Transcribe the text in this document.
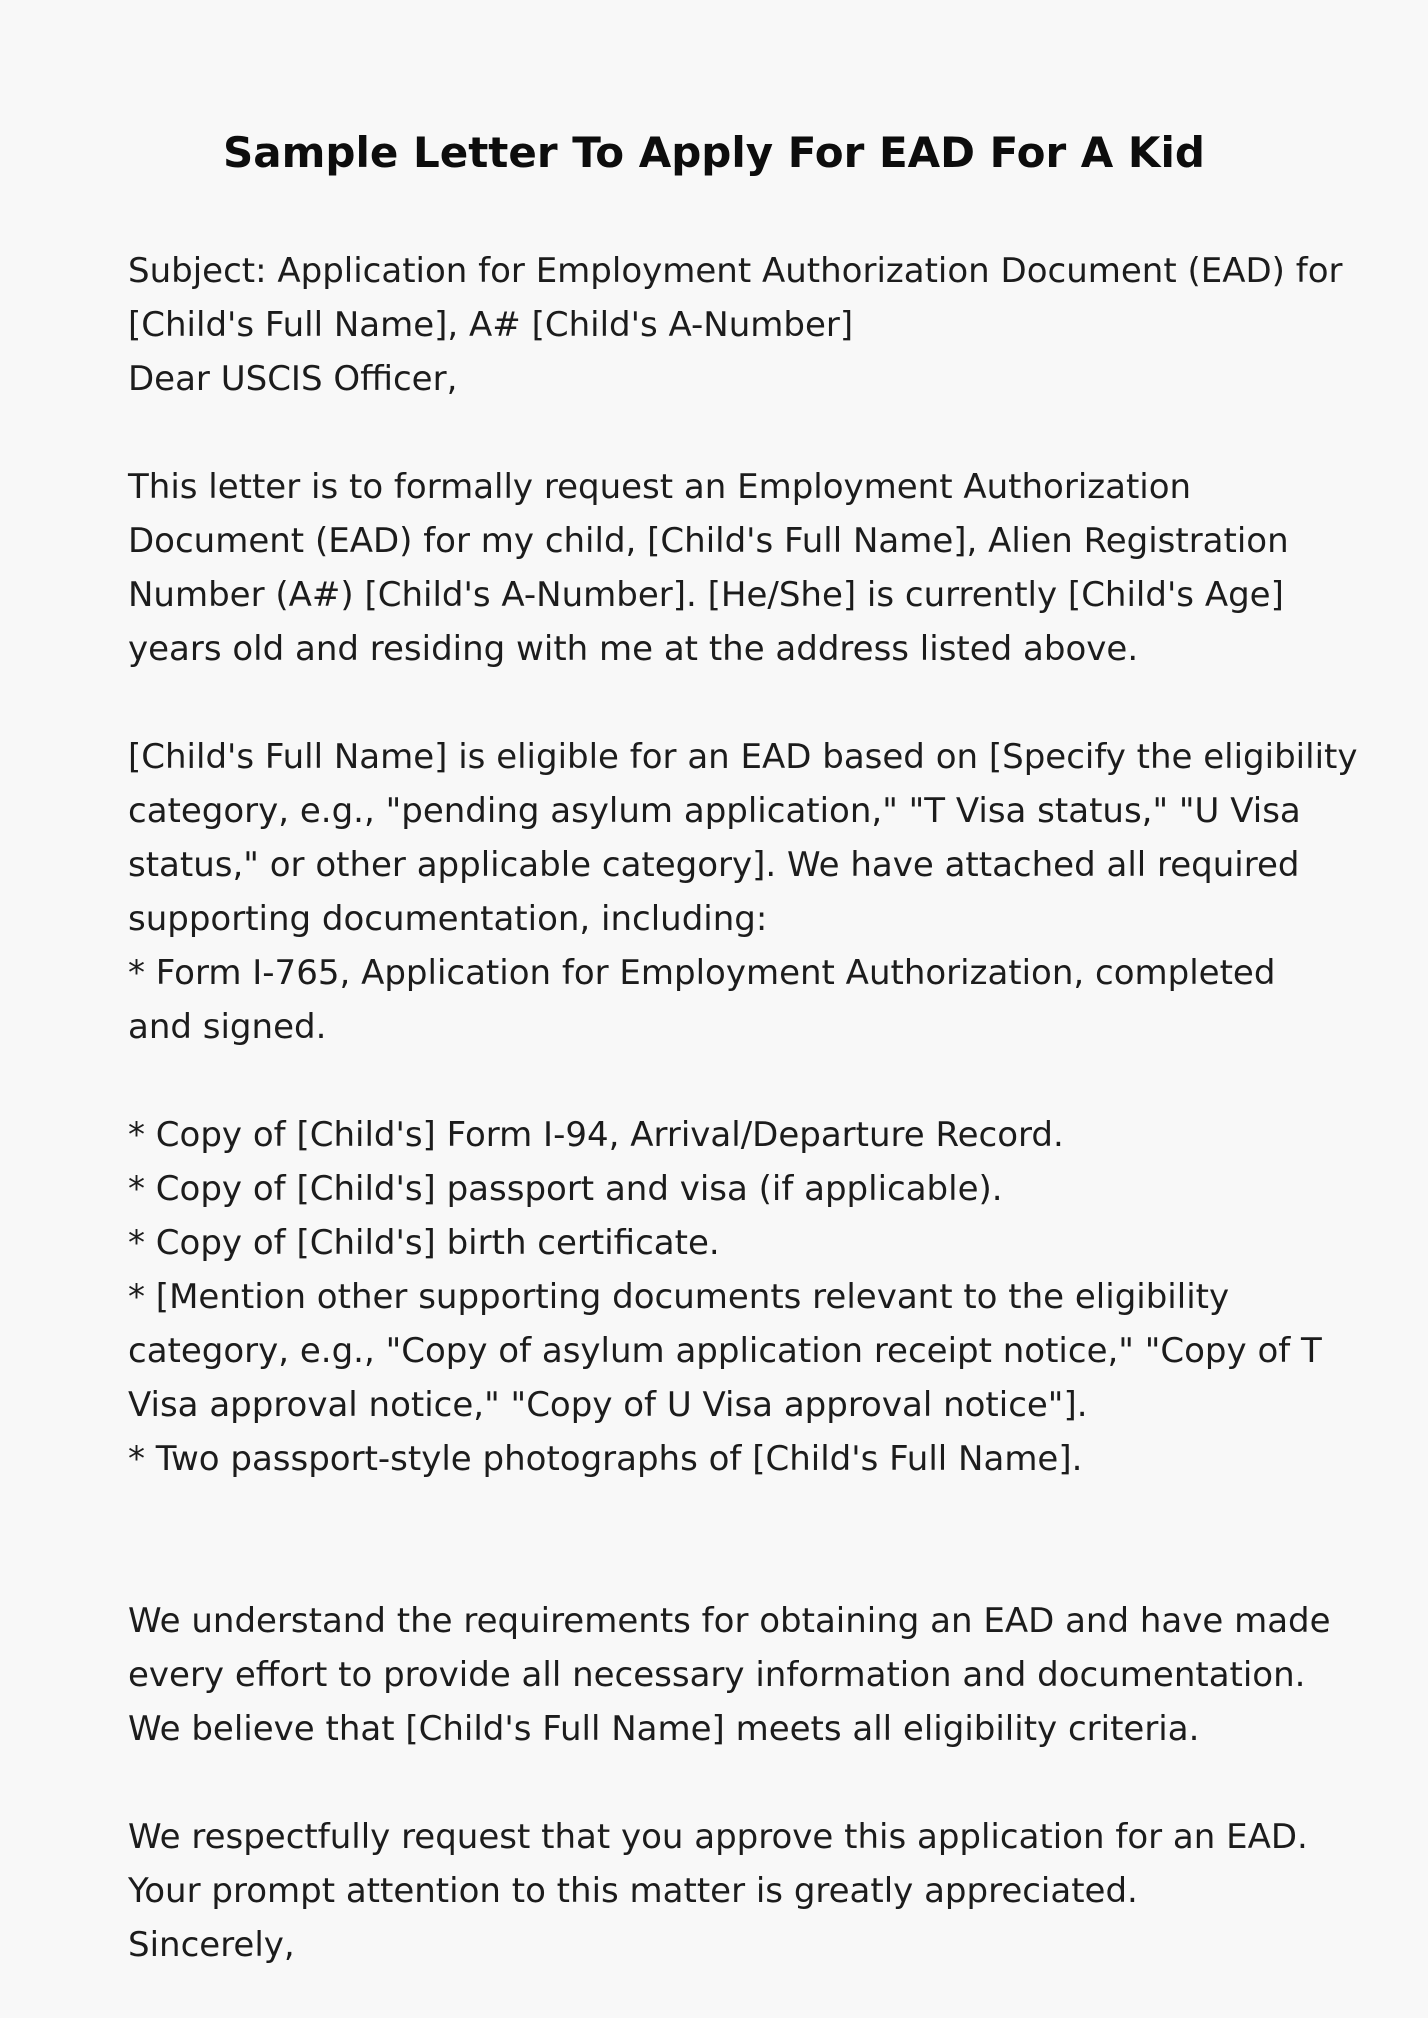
Sample Letter To Apply For EAD For A Kid
Subject: Application for Employment Authorization Document (EAD) for
[Child's Full Name], A# [Child's A-Number]
Dear USCIS Officer,
This letter is to formally request an Employment Authorization
Document (EAD) for my child, [Child's Full Name], Alien Registration
Number (A#) [Child's A-Number]. [He/She] is currently [Child's Age]
years old and residing with me at the address listed above.
[Child's Full Name] is eligible for an EAD based on [Specify the eligibility
category, e.g., "pending asylum application," "T Visa status," "U Visa
status," or other applicable category]. We have attached all required
supporting documentation, including:
* Form I-765, Application for Employment Authorization, completed
and signed.
* Copy of [Child's] Form I-94, Arrival/Departure Record.
* Copy of [Child's] passport and visa (if applicable).
* Copy of [Child's] birth certificate.
* [Mention other supporting documents relevant to the eligibility
category, e.g., "Copy of asylum application receipt notice," "Copy of T
Visa approval notice," "Copy of U Visa approval notice"].
* Two passport-style photographs of [Child's Full Name].
We understand the requirements for obtaining an EAD and have made
every effort to provide all necessary information and documentation.
We believe that [Child's Full Name] meets all eligibility criteria.
We respectfully request that you approve this application for an EAD.
Your prompt attention to this matter is greatly appreciated.
Sincerely,
